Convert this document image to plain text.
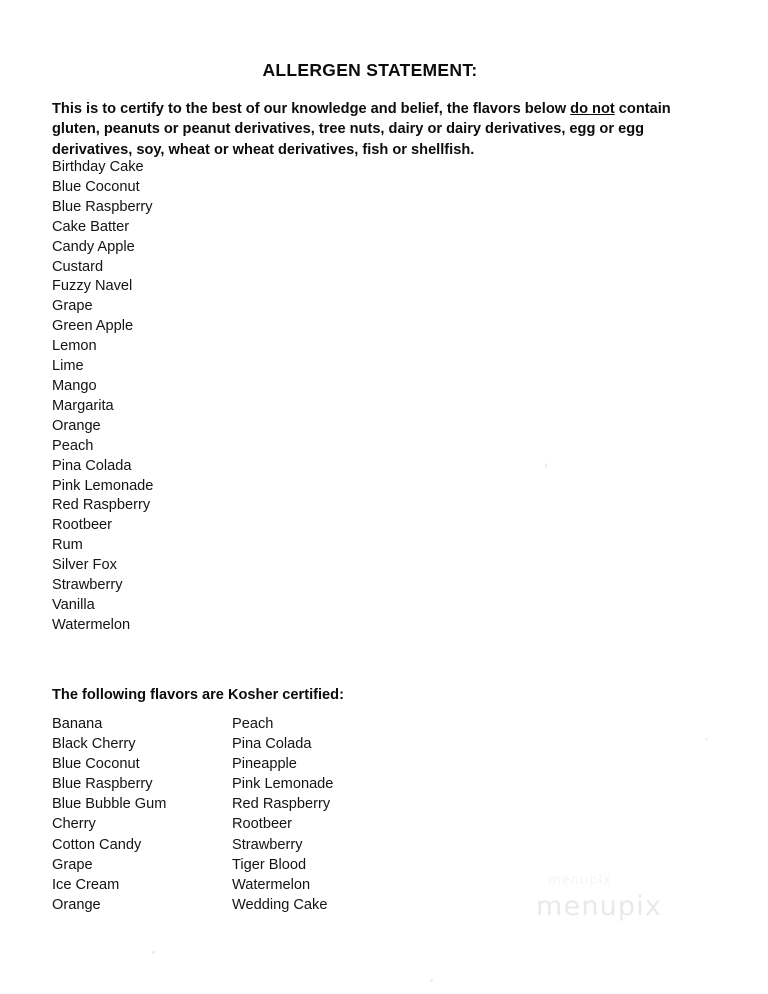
ALLERGEN STATEMENT:

This is to certify to the best of our knowledge and belief, the flavors below do not contain gluten, peanuts or peanut derivatives, tree nuts, dairy or dairy derivatives, egg or egg derivatives, soy, wheat or wheat derivatives, fish or shellfish.

Birthday Cake
Blue Coconut
Blue Raspberry
Cake Batter
Candy Apple
Custard
Fuzzy Navel
Grape
Green Apple
Lemon
Lime
Mango
Margarita
Orange
Peach
Pina Colada
Pink Lemonade
Red Raspberry
Rootbeer
Rum
Silver Fox
Strawberry
Vanilla
Watermelon
The following flavors are Kosher certified:
Banana
Black Cherry
Blue Coconut
Blue Raspberry
Blue Bubble Gum
Cherry
Cotton Candy
Grape
Ice Cream
Orange
Peach
Pina Colada
Pineapple
Pink Lemonade
Red Raspberry
Rootbeer
Strawberry
Tiger Blood
Watermelon
Wedding Cake
menupix
menupix
